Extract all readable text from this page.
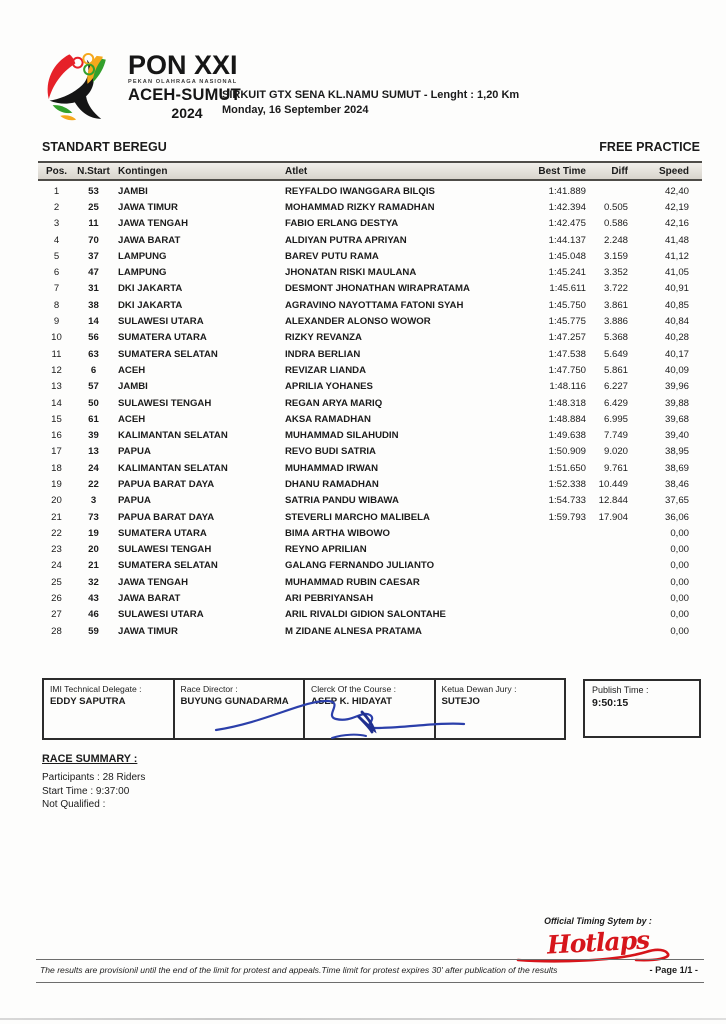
PON XXI
PEKAN OLAHRAGA NASIONAL
ACEH-SUMUT
2024
SIRKUIT GTX SENA KL.NAMU SUMUT - Lenght : 1,20 Km
Monday, 16 September 2024
STANDART BEREGU	FREE PRACTICE
Pos.	N.Start Kontingen	Atlet	Best Time	Diff	Speed
1	53	JAMBI	REYFALDO IWANGGARA BILQIS	1:41.889	42,40
2	25	JAWA TIMUR	MOHAMMAD RIZKY RAMADHAN	1:42.394	0.505	42,19
3	11	JAWA TENGAH	FABIO ERLANG DESTYA	1:42.475	0.586	42,16
4	70	JAWA BARAT	ALDIYAN PUTRA APRIYAN	1:44.137	2.248	41,48
5	37	LAMPUNG	BAREV PUTU RAMA	1:45.048	3.159	41,12
6	47	LAMPUNG	JHONATAN RISKI MAULANA	1:45.241	3.352	41,05
7	31	DKI JAKARTA	DESMONT JHONATHAN WIRAPRATAMA	1:45.611	3.722	40,91
8	38	DKI JAKARTA	AGRAVINO NAYOTTAMA FATONI SYAH	1:45.750	3.861	40,85
9	14	SULAWESI UTARA	ALEXANDER ALONSO WOWOR	1:45.775	3.886	40,84
10	56	SUMATERA UTARA	RIZKY REVANZA	1:47.257	5.368	40,28
11	63	SUMATERA SELATAN	INDRA BERLIAN	1:47.538	5.649	40,17
12	6	ACEH	REVIZAR LIANDA	1:47.750	5.861	40,09
13	57	JAMBI	APRILIA YOHANES	1:48.116	6.227	39,96
14	50	SULAWESI TENGAH	REGAN ARYA MARIQ	1:48.318	6.429	39,88
15	61	ACEH	AKSA RAMADHAN	1:48.884	6.995	39,68
16	39	KALIMANTAN SELATAN	MUHAMMAD SILAHUDIN	1:49.638	7.749	39,40
17	13	PAPUA	REVO BUDI SATRIA	1:50.909	9.020	38,95
18	24	KALIMANTAN SELATAN	MUHAMMAD IRWAN	1:51.650	9.761	38,69
19	22	PAPUA BARAT DAYA	DHANU RAMADHAN	1:52.338	10.449	38,46
20	3	PAPUA	SATRIA PANDU WIBAWA	1:54.733	12.844	37,65
21	73	PAPUA BARAT DAYA	STEVERLI MARCHO MALIBELA	1:59.793	17.904	36,06
22	19	SUMATERA UTARA	BIMA ARTHA WIBOWO	0,00
23	20	SULAWESI TENGAH	REYNO APRILIAN	0,00
24	21	SUMATERA SELATAN	GALANG FERNANDO JULIANTO	0,00
25	32	JAWA TENGAH	MUHAMMAD RUBIN CAESAR	0,00
26	43	JAWA BARAT	ARI PEBRIYANSAH	0,00
27	46	SULAWESI UTARA	ARIL RIVALDI GIDION SALONTAHE	0,00
28	59	JAWA TIMUR	M ZIDANE ALNESA PRATAMA	0,00
IMI Technical Delegate :
EDDY SAPUTRA
Race Director :
BUYUNG GUNADARMA
Clerck Of the Course :
ASEP K. HIDAYAT
Ketua Dewan Jury :
SUTEJO
Publish Time :
9:50:15
RACE SUMMARY :
Participants : 28 Riders
Start Time : 9:37:00
Not Qualified :
Official Timing Sytem by :
Hotlaps
The results are provisionil until the end of the limit for protest and appeals.Time limit for protest expires 30' after publication of the results	- Page 1/1 -
